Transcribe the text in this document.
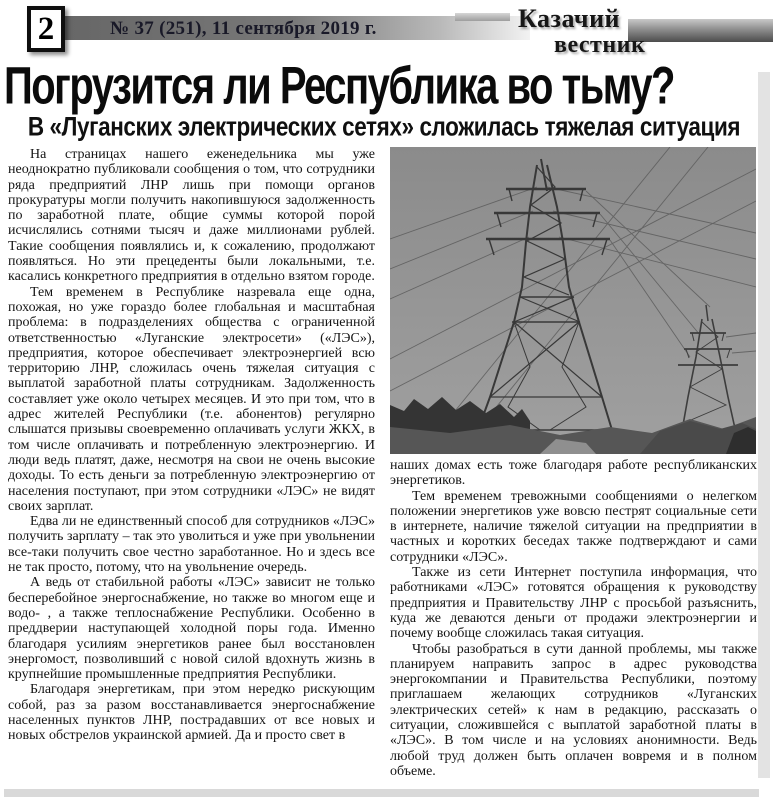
2	№ 37 (251), 11 сентября 2019 г.	Казачий
вестник
Погрузится ли Республика во тьму?
В «Луганских электрических сетях» сложилась тяжелая ситуация

На страницах нашего еженедельника мы уже неоднократно публиковали сообщения о том, что сотрудники ряда предприятий ЛНР лишь при помощи органов прокуратуры могли получить накопившуюся задолженность по заработной плате, общие суммы которой порой исчислялись сотнями тысяч и даже миллионами рублей. Такие сообщения появлялись и, к сожалению, продолжают появляться. Но эти прецеденты были локальными, т.е. касались конкретного предприятия в отдельно взятом городе.

Тем временем в Республике назревала еще одна, похожая, но уже гораздо более глобальная и масштабная проблема: в подразделениях общества с ограниченной ответственностью «Луганские электросети» («ЛЭС»), предприятия, которое обеспечивает электроэнергией всю территорию ЛНР, сложилась очень тяжелая ситуация с выплатой заработной платы сотрудникам. Задолженность составляет уже около четырех месяцев. И это при том, что в адрес жителей Республики (т.е. абонентов) регулярно слышатся призывы своевременно оплачивать услуги ЖКХ, в том числе оплачивать и потребленную электроэнергию. И люди ведь платят, даже, несмотря на свои не очень высокие доходы. То есть деньги за потребленную электроэнергию от населения поступают, при этом сотрудники «ЛЭС» не видят своих зарплат.

Едва ли не единственный способ для сотрудников «ЛЭС» получить зарплату – так это уволиться и уже при увольнении все-таки получить свое честно заработанное. Но и здесь все не так просто, потому, что на увольнение очередь.

А ведь от стабильной работы «ЛЭС» зависит не только бесперебойное энергоснабжение, но также во многом еще и водо- , а также теплоснабжение Республики. Особенно в преддверии наступающей холодной поры года. Именно благодаря усилиям энергетиков ранее был восстановлен энергомост, позволивший с новой силой вдохнуть жизнь в крупнейшие промышленные предприятия Республики.

Благодаря энергетикам, при этом нередко рискующим собой, раз за разом восстанавливается энергоснабжение населенных пунктов ЛНР, пострадавших от все новых и новых обстрелов украинской армией. Да и просто свет в

наших домах есть тоже благодаря работе республиканских энергетиков.

Тем временем тревожными сообщениями о нелегком положении энергетиков уже вовсю пестрят социальные сети в интернете, наличие тяжелой ситуации на предприятии в частных и коротких беседах также подтверждают и сами сотрудники «ЛЭС».

Также из сети Интернет поступила информация, что работниками «ЛЭС» готовятся обращения к руководству предприятия и Правительству ЛНР с просьбой разъяснить, куда же деваются деньги от продажи электроэнергии и почему вообще сложилась такая ситуация.

Чтобы разобраться в сути данной проблемы, мы также планируем направить запрос в адрес руководства энергокомпании и Правительства Республики, поэтому приглашаем желающих сотрудников «Луганских электрических сетей» к нам в редакцию, рассказать о ситуации, сложившейся с выплатой заработной платы в «ЛЭС». В том числе и на условиях анонимности. Ведь любой труд должен быть оплачен вовремя и в полном объеме.
